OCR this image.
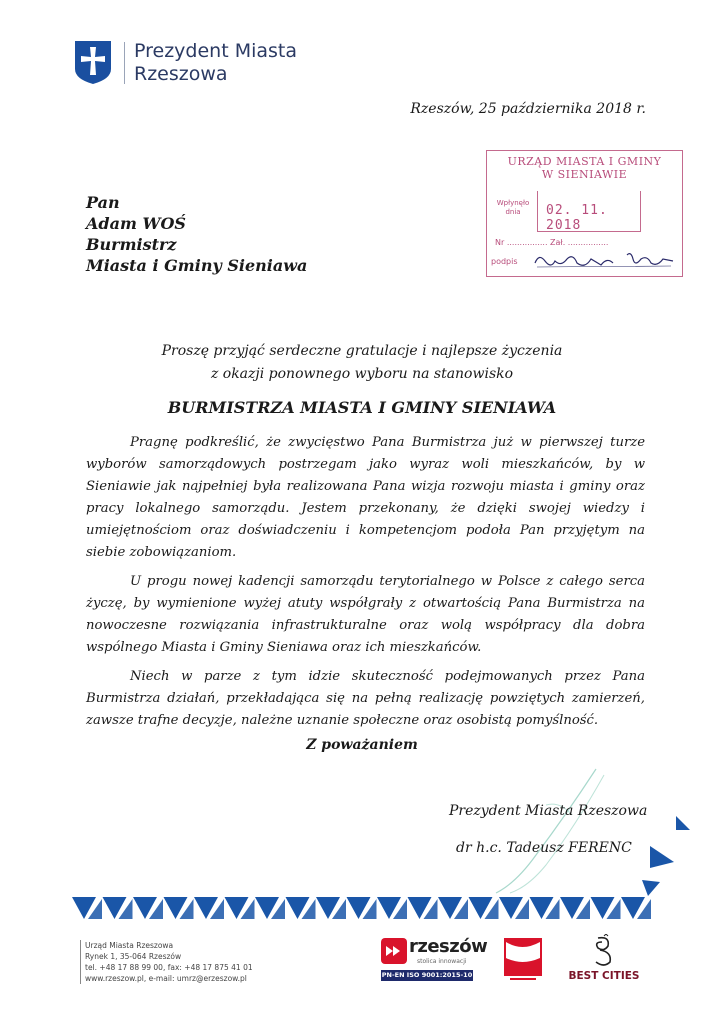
Prezydent Miasta
Rzeszowa
Rzeszów, 25 października 2018 r.
URZĄD MIASTA I GMINY
W SIENIAWIE
Wpłynęło
dnia	02. 11. 2018
Nr ................ Zał. ................
podpis
Pan
Adam WOŚ
Burmistrz
Miasta i Gminy Sieniawa
Proszę przyjąć serdeczne gratulacje i najlepsze życzenia
z okazji ponownego wyboru na stanowisko
BURMISTRZA MIASTA I GMINY SIENIAWA

Pragnę podkreślić, że zwycięstwo Pana Burmistrza już w pierwszej turze wyborów samorządowych postrzegam jako wyraz woli mieszkańców, by w Sieniawie jak najpełniej była realizowana Pana wizja rozwoju miasta i gminy oraz pracy lokalnego samorządu. Jestem przekonany, że dzięki swojej wiedzy i umiejętnościom oraz doświadczeniu i kompetencjom podoła Pan przyjętym na siebie zobowiązaniom.

U progu nowej kadencji samorządu terytorialnego w Polsce z całego serca życzę, by wymienione wyżej atuty współgrały z otwartością Pana Burmistrza na nowoczesne rozwiązania infrastrukturalne oraz wolą współpracy dla dobra wspólnego Miasta i Gminy Sieniawa oraz ich mieszkańców.

Niech w parze z tym idzie skuteczność podejmowanych przez Pana Burmistrza działań, przekładająca się na pełną realizację powziętych zamierzeń, zawsze trafne decyzje, należne uznanie społeczne oraz osobistą pomyślność.

Z poważaniem
Prezydent Miasta Rzeszowa
dr h.c. Tadeusz FERENC
Urząd Miasta Rzeszowa
Rynek 1, 35-064 Rzeszów
tel. +48 17 88 99 00, fax: +48 17 875 41 01
www.rzeszow.pl, e-mail: umrz@erzeszow.pl
rzeszów
stolica innowacji
PN-EN ISO 9001:2015-10	BEST CITIES
